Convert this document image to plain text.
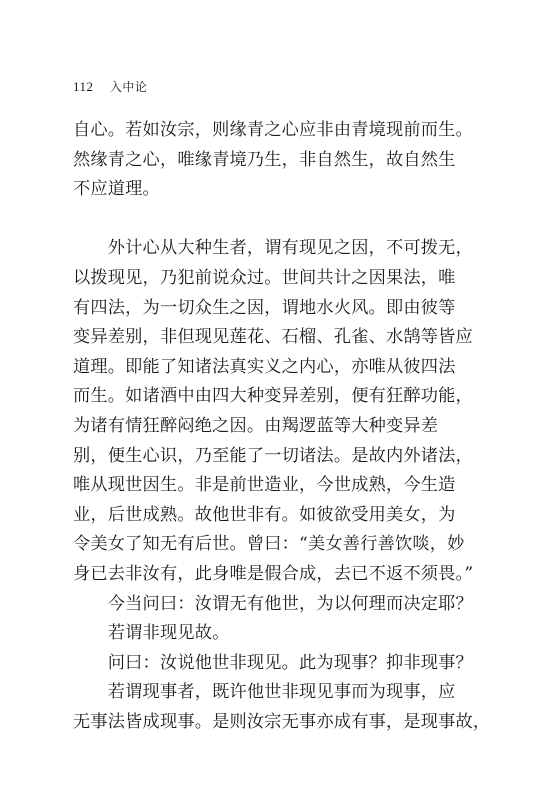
112 入中论
自心。若如汝宗，则缘青之心应非由青境现前而生。
然缘青之心，唯缘青境乃生，非自然生，故自然生
不应道理。
　　外计心从大种生者，谓有现见之因，不可拨无，
以拨现见，乃犯前说众过。世间共计之因果法，唯
有四法，为一切众生之因，谓地水火风。即由彼等
变异差别，非但现见莲花、石榴、孔雀、水鹄等皆应
道理。即能了知诸法真实义之内心，亦唯从彼四法
而生。如诸酒中由四大种变异差别，便有狂醉功能，
为诸有情狂醉闷绝之因。由羯逻蓝等大种变异差
别，便生心识，乃至能了一切诸法。是故内外诸法，
唯从现世因生。非是前世造业，今世成熟，今生造
业，后世成熟。故他世非有。如彼欲受用美女，为
令美女了知无有后世。曾曰：“美女善行善饮啖，妙
身已去非汝有，此身唯是假合成，去已不返不须畏。”
　　今当问曰：汝谓无有他世，为以何理而决定耶？
　　若谓非现见故。
　　问曰：汝说他世非现见。此为现事？抑非现事？
　　若谓现事者，既许他世非现见事而为现事，应
无事法皆成现事。是则汝宗无事亦成有事，是现事故，
